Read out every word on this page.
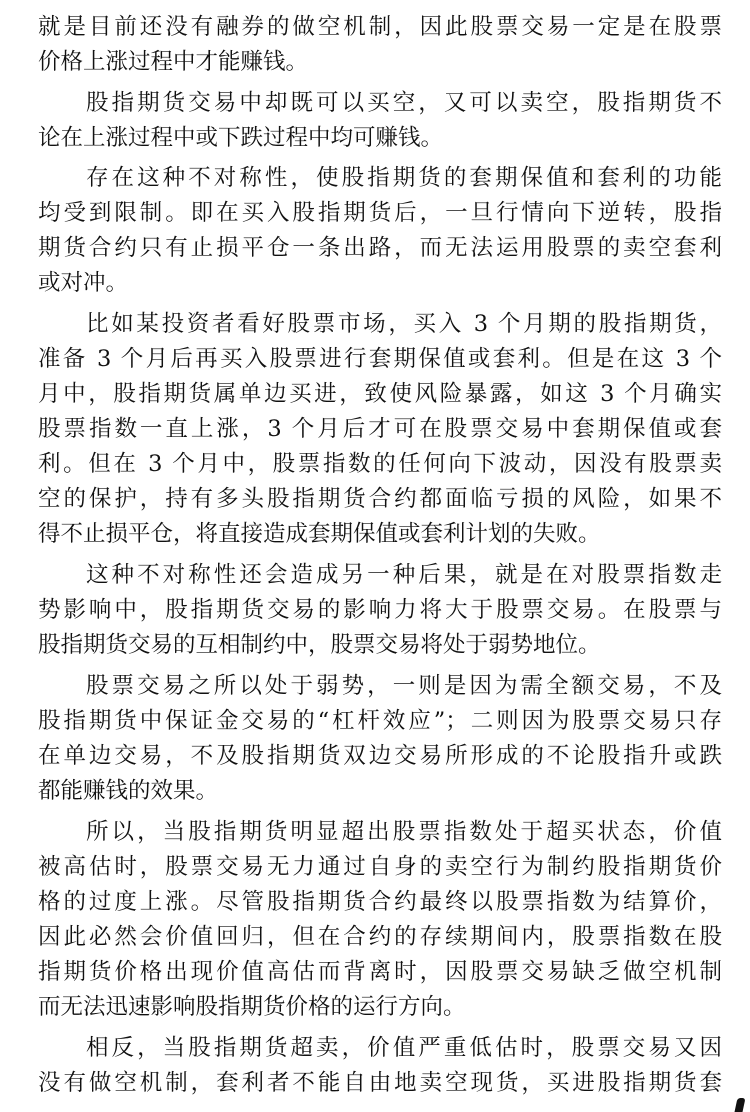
就是目前还没有融券的做空机制，因此股票交易一定是在股票
价格上涨过程中才能赚钱。
股指期货交易中却既可以买空，又可以卖空，股指期货不
论在上涨过程中或下跌过程中均可赚钱。
存在这种不对称性，使股指期货的套期保值和套利的功能
均受到限制。即在买入股指期货后，一旦行情向下逆转，股指
期货合约只有止损平仓一条出路，而无法运用股票的卖空套利
或对冲。
比如某投资者看好股票市场，买入 3 个月期的股指期货，
准备 3 个月后再买入股票进行套期保值或套利。但是在这 3 个
月中，股指期货属单边买进，致使风险暴露，如这 3 个月确实
股票指数一直上涨，3 个月后才可在股票交易中套期保值或套
利。但在 3 个月中，股票指数的任何向下波动，因没有股票卖
空的保护，持有多头股指期货合约都面临亏损的风险，如果不
得不止损平仓，将直接造成套期保值或套利计划的失败。
这种不对称性还会造成另一种后果，就是在对股票指数走
势影响中，股指期货交易的影响力将大于股票交易。在股票与
股指期货交易的互相制约中，股票交易将处于弱势地位。
股票交易之所以处于弱势，一则是因为需全额交易，不及
股指期货中保证金交易的“杠杆效应”；二则因为股票交易只存
在单边交易，不及股指期货双边交易所形成的不论股指升或跌
都能赚钱的效果。
所以，当股指期货明显超出股票指数处于超买状态，价值
被高估时，股票交易无力通过自身的卖空行为制约股指期货价
格的过度上涨。尽管股指期货合约最终以股票指数为结算价，
因此必然会价值回归，但在合约的存续期间内，股票指数在股
指期货价格出现价值高估而背离时，因股票交易缺乏做空机制
而无法迅速影响股指期货价格的运行方向。
相反，当股指期货超卖，价值严重低估时，股票交易又因
没有做空机制，套利者不能自由地卖空现货，买进股指期货套
